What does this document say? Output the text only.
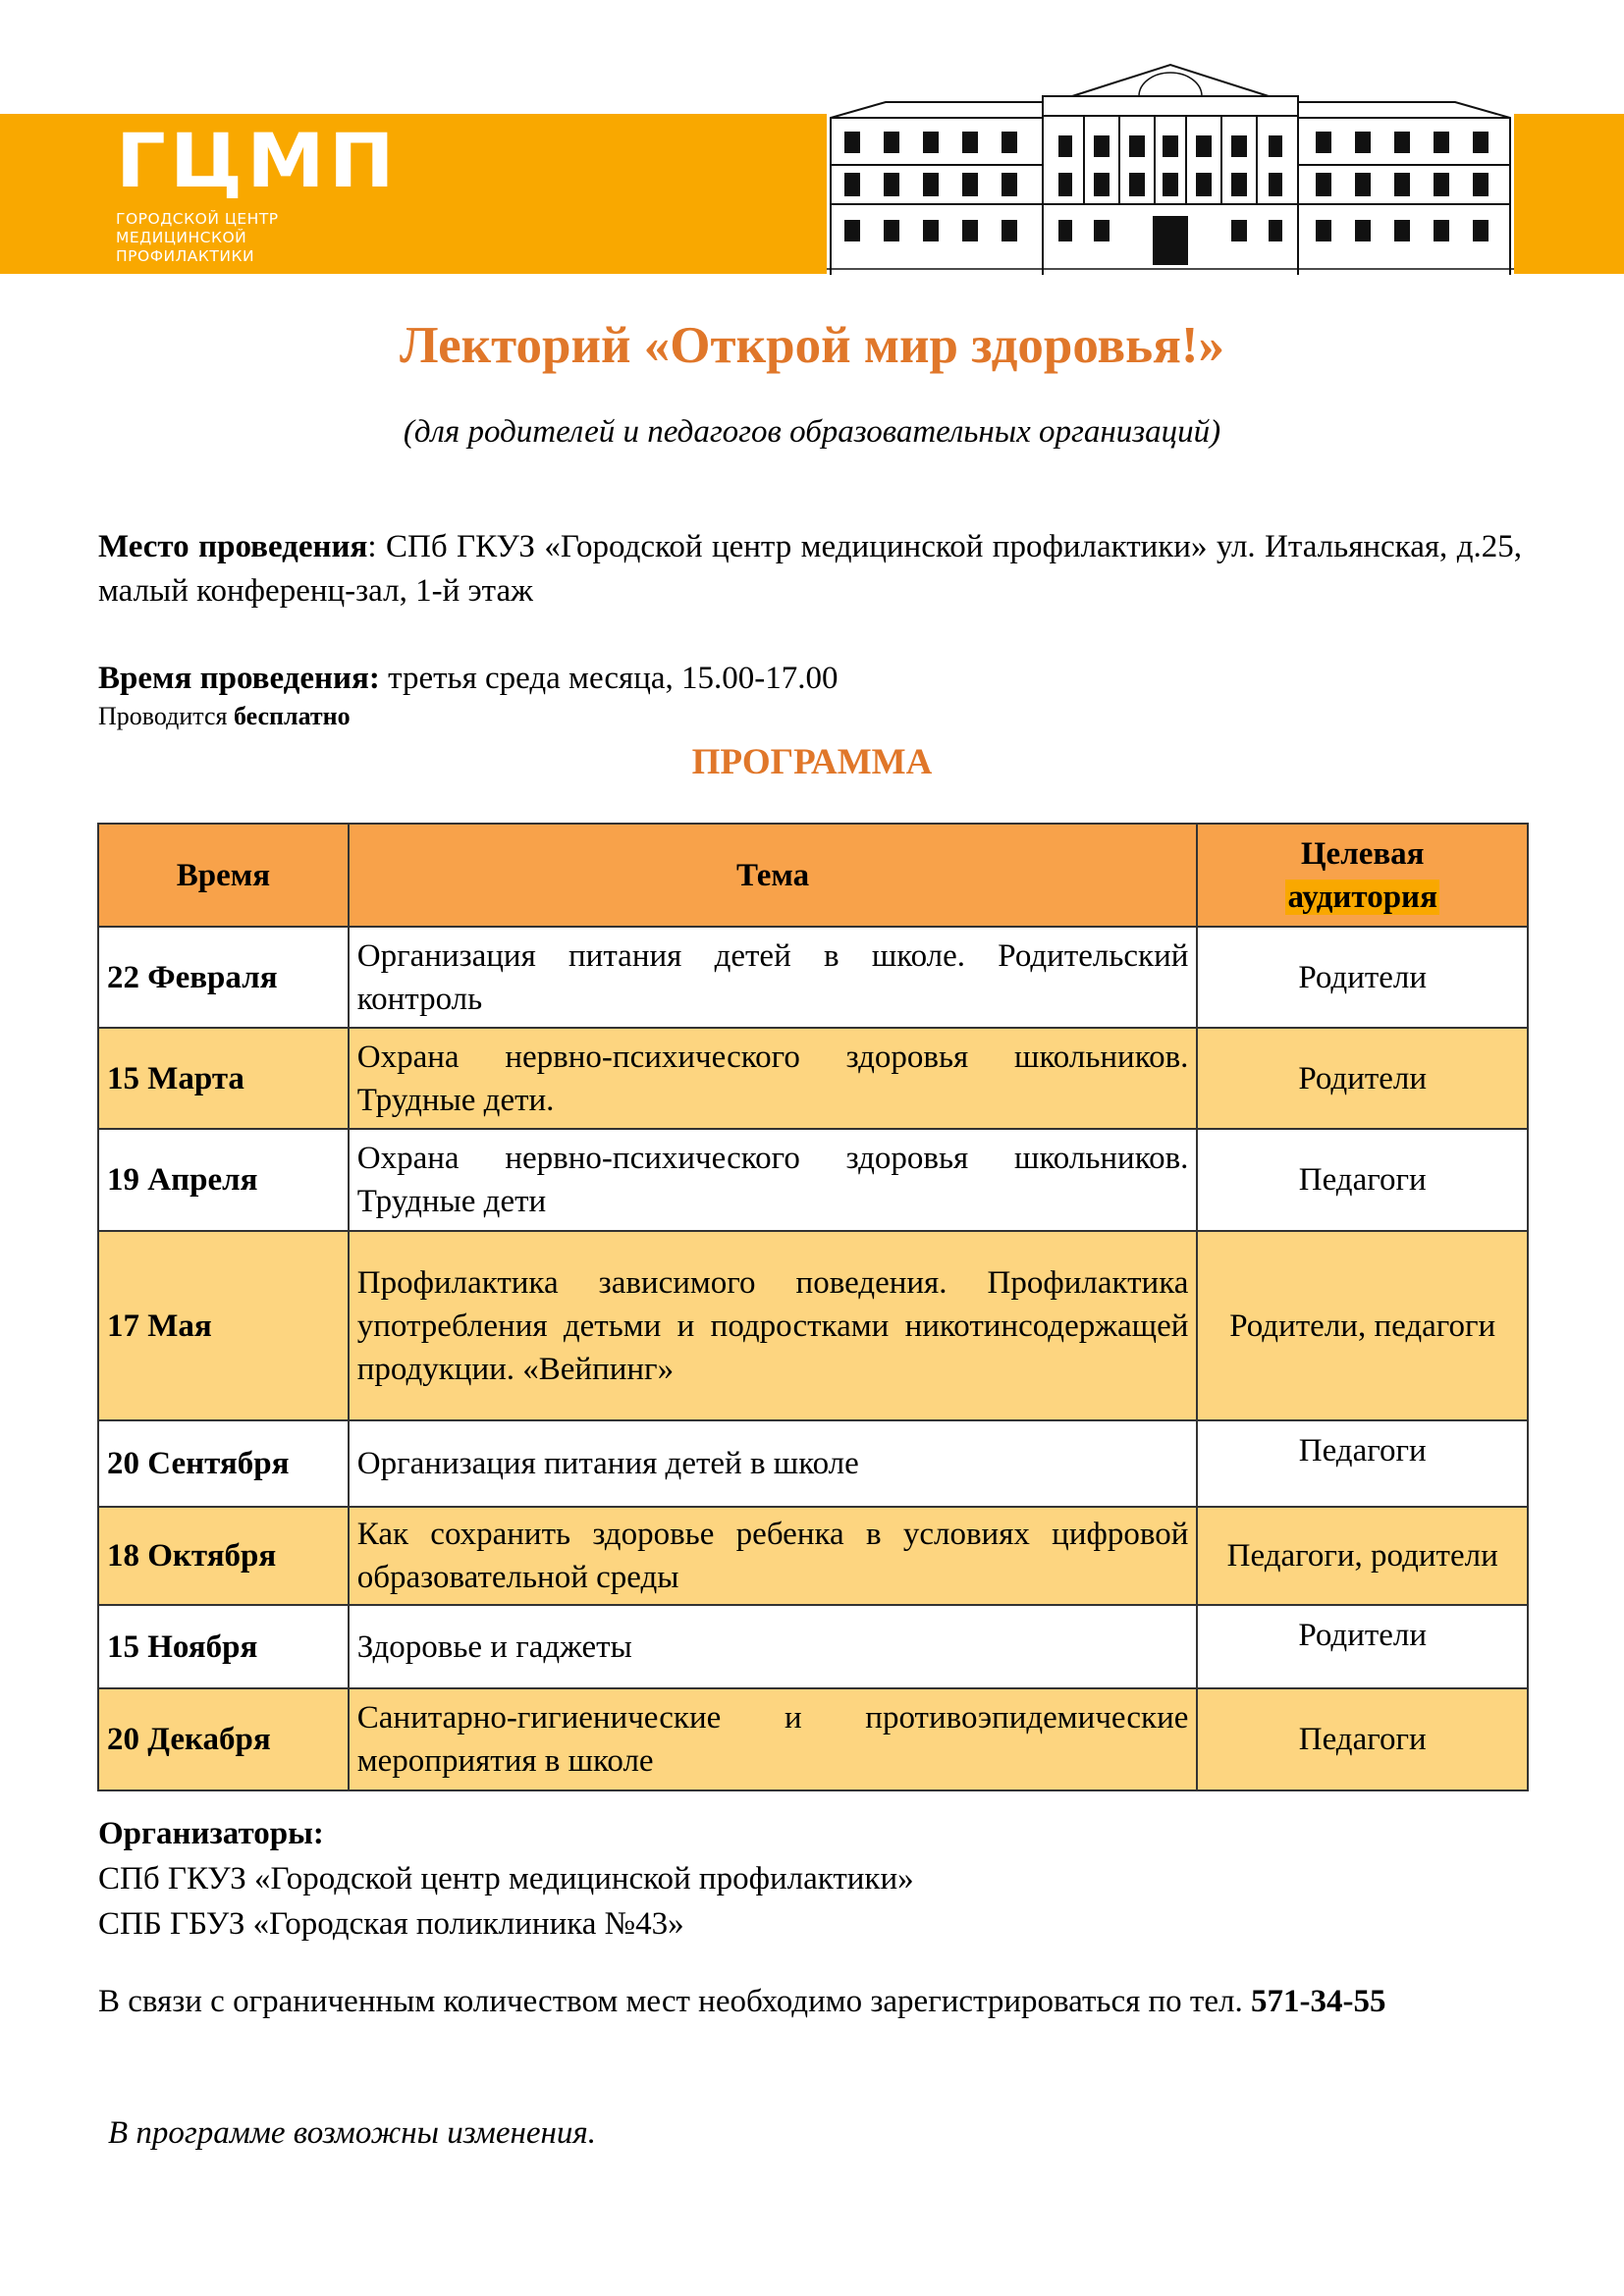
ГЦМП
ГОРОДСКОЙ ЦЕНТР
МЕДИЦИНСКОЙ
ПРОФИЛАКТИКИ
Лекторий «Открой мир здоровья!»
(для родителей и педагогов образовательных организаций)
Место проведения: СПб ГКУЗ «Городской центр медицинской профилактики» ул. Итальянская, д.25, малый конференц-зал, 1-й этаж
Время проведения: третья среда месяца, 15.00-17.00
Проводится бесплатно
ПРОГРАММА
Время	Тема	Целевая
аудитория
22 Февраля	Организация питания детей в школе. Родительский контроль	Родители
15 Марта	Охрана нервно-психического здоровья школьников. Трудные дети.	Родители
19 Апреля	Охрана нервно-психического здоровья школьников. Трудные дети	Педагоги
17 Мая	Профилактика зависимого поведения. Профилактика употребления детьми и подростками никотинсодержащей продукции. «Вейпинг»	Родители, педагоги
20 Сентября	Организация питания детей в школе	Педагоги
18 Октября	Как сохранить здоровье ребенка в условиях цифровой образовательной среды	Педагоги, родители
15 Ноября	Здоровье и гаджеты	Родители
20 Декабря	Санитарно-гигиенические и противоэпидемические мероприятия в школе	Педагоги
Организаторы:
СПб ГКУЗ «Городской центр медицинской профилактики»
СПБ ГБУЗ «Городская поликлиника №43»
В связи с ограниченным количеством мест необходимо зарегистрироваться по тел. 571-34-55
В программе возможны изменения.
